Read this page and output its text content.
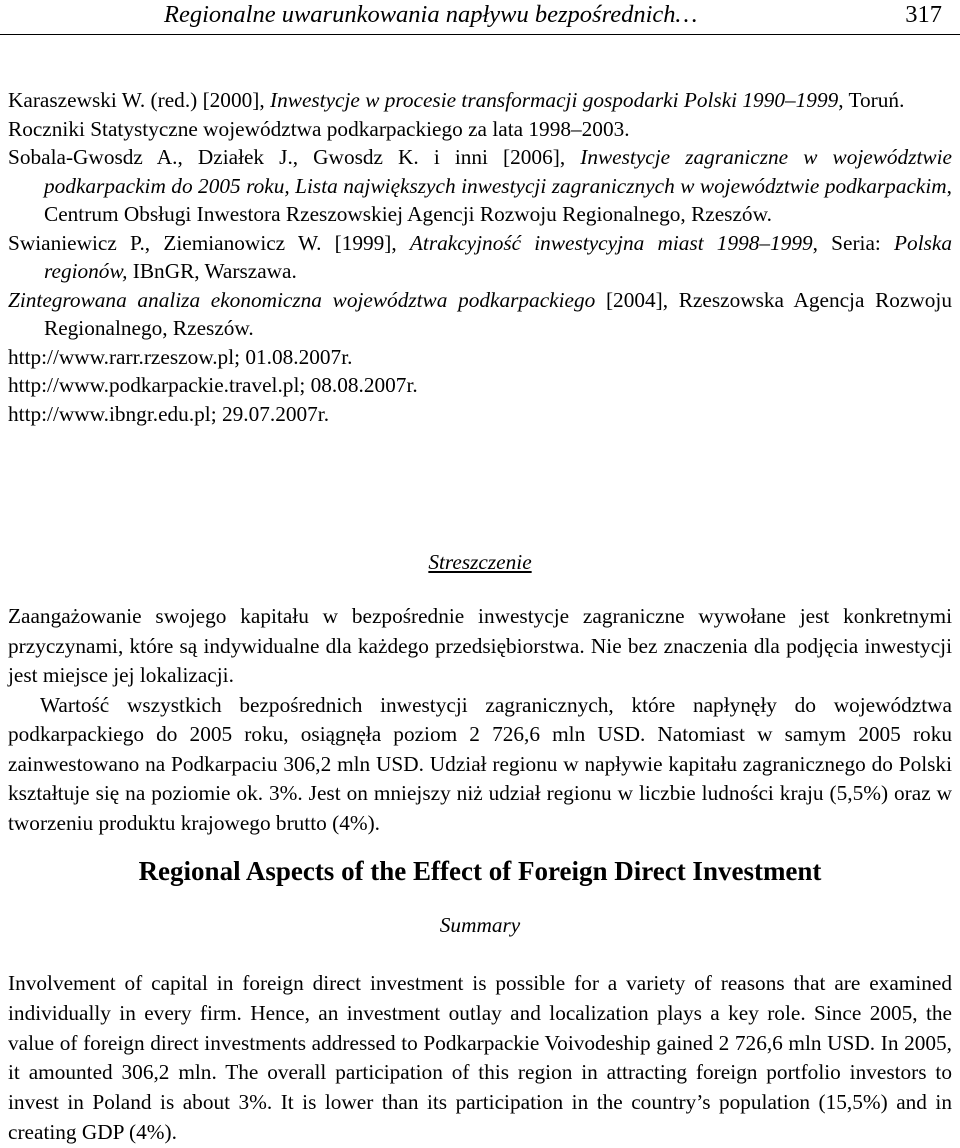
Regionalne uwarunkowania napływu bezpośrednich…	317

Karaszewski W. (red.) [2000], Inwestycje w procesie transformacji gospodarki Polski 1990–1999, Toruń.

Roczniki Statystyczne województwa podkarpackiego za lata 1998–2003.

Sobala-Gwosdz A., Działek J., Gwosdz K. i inni [2006], Inwestycje zagraniczne w województwie podkarpackim do 2005 roku, Lista największych inwestycji zagranicznych w województwie podkarpackim, Centrum Obsługi Inwestora Rzeszowskiej Agencji Rozwoju Regionalnego, Rzeszów.

Swianiewicz P., Ziemianowicz W. [1999], Atrakcyjność inwestycyjna miast 1998–1999, Seria: Polska regionów, IBnGR, Warszawa.

Zintegrowana analiza ekonomiczna województwa podkarpackiego [2004], Rzeszowska Agencja Rozwoju Regionalnego, Rzeszów.

http://www.rarr.rzeszow.pl; 01.08.2007r.

http://www.podkarpackie.travel.pl; 08.08.2007r.

http://www.ibngr.edu.pl; 29.07.2007r.

Streszczenie

Zaangażowanie swojego kapitału w bezpośrednie inwestycje zagraniczne wywołane jest konkretnymi przyczynami, które są indywidualne dla każdego przedsiębiorstwa. Nie bez znaczenia dla podjęcia inwestycji jest miejsce jej lokalizacji.

Wartość wszystkich bezpośrednich inwestycji zagranicznych, które napłynęły do województwa podkarpackiego do 2005 roku, osiągnęła poziom 2 726,6 mln USD. Natomiast w samym 2005 roku zainwestowano na Podkarpaciu 306,2 mln USD. Udział regionu w napływie kapitału zagranicznego do Polski kształtuje się na poziomie ok. 3%. Jest on mniejszy niż udział regionu w liczbie ludności kraju (5,5%) oraz w tworzeniu produktu krajowego brutto (4%).

Regional Aspects of the Effect of Foreign Direct Investment
Summary

Involvement of capital in foreign direct investment is possible for a variety of reasons that are examined individually in every firm. Hence, an investment outlay and localization plays a key role. Since 2005, the value of foreign direct investments addressed to Podkarpackie Voivodeship gained 2 726,6 mln USD. In 2005, it amounted 306,2 mln. The overall participation of this region in attracting foreign portfolio investors to invest in Poland is about 3%. It is lower than its participation in the country’s population (15,5%) and in creating GDP (4%).
